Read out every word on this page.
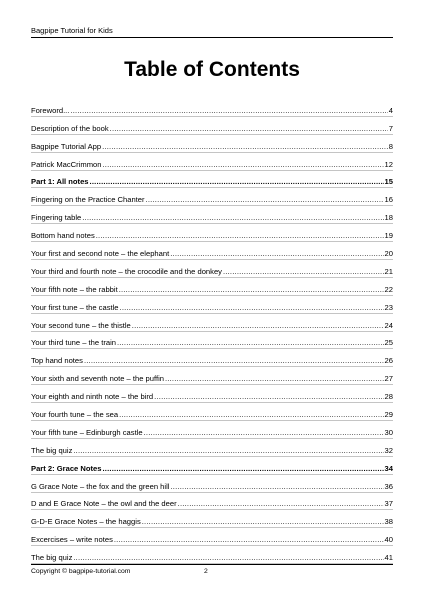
Bagpipe Tutorial for Kids
Table of Contents
Foreword... .....	4
Description of the book .....	7
Bagpipe Tutorial App .....	8
Patrick MacCrimmon .....	12
Part 1: All notes .....	15
Fingering on the Practice Chanter .....	16
Fingering table .....	18
Bottom hand notes .....	19
Your first and second note – the elephant .....	20
Your third and fourth note – the crocodile and the donkey .....	21
Your fifth note – the rabbit .....	22
Your first tune – the castle .....	23
Your second tune – the thistle .....	24
Your third tune – the train .....	25
Top hand notes .....	26
Your sixth and seventh note – the puffin .....	27
Your eighth and ninth note – the bird .....	28
Your fourth tune – the sea .....	29
Your fifth tune – Edinburgh castle .....	30
The big quiz .....	32
Part 2: Grace Notes .....	34
G Grace Note – the fox and the green hill .....	36
D and E Grace Note – the owl and the deer .....	37
G-D-E Grace Notes – the haggis .....	38
Excercises – write notes .....	40
The big quiz .....	41
Copyright © bagpipe-tutorial.com	2
